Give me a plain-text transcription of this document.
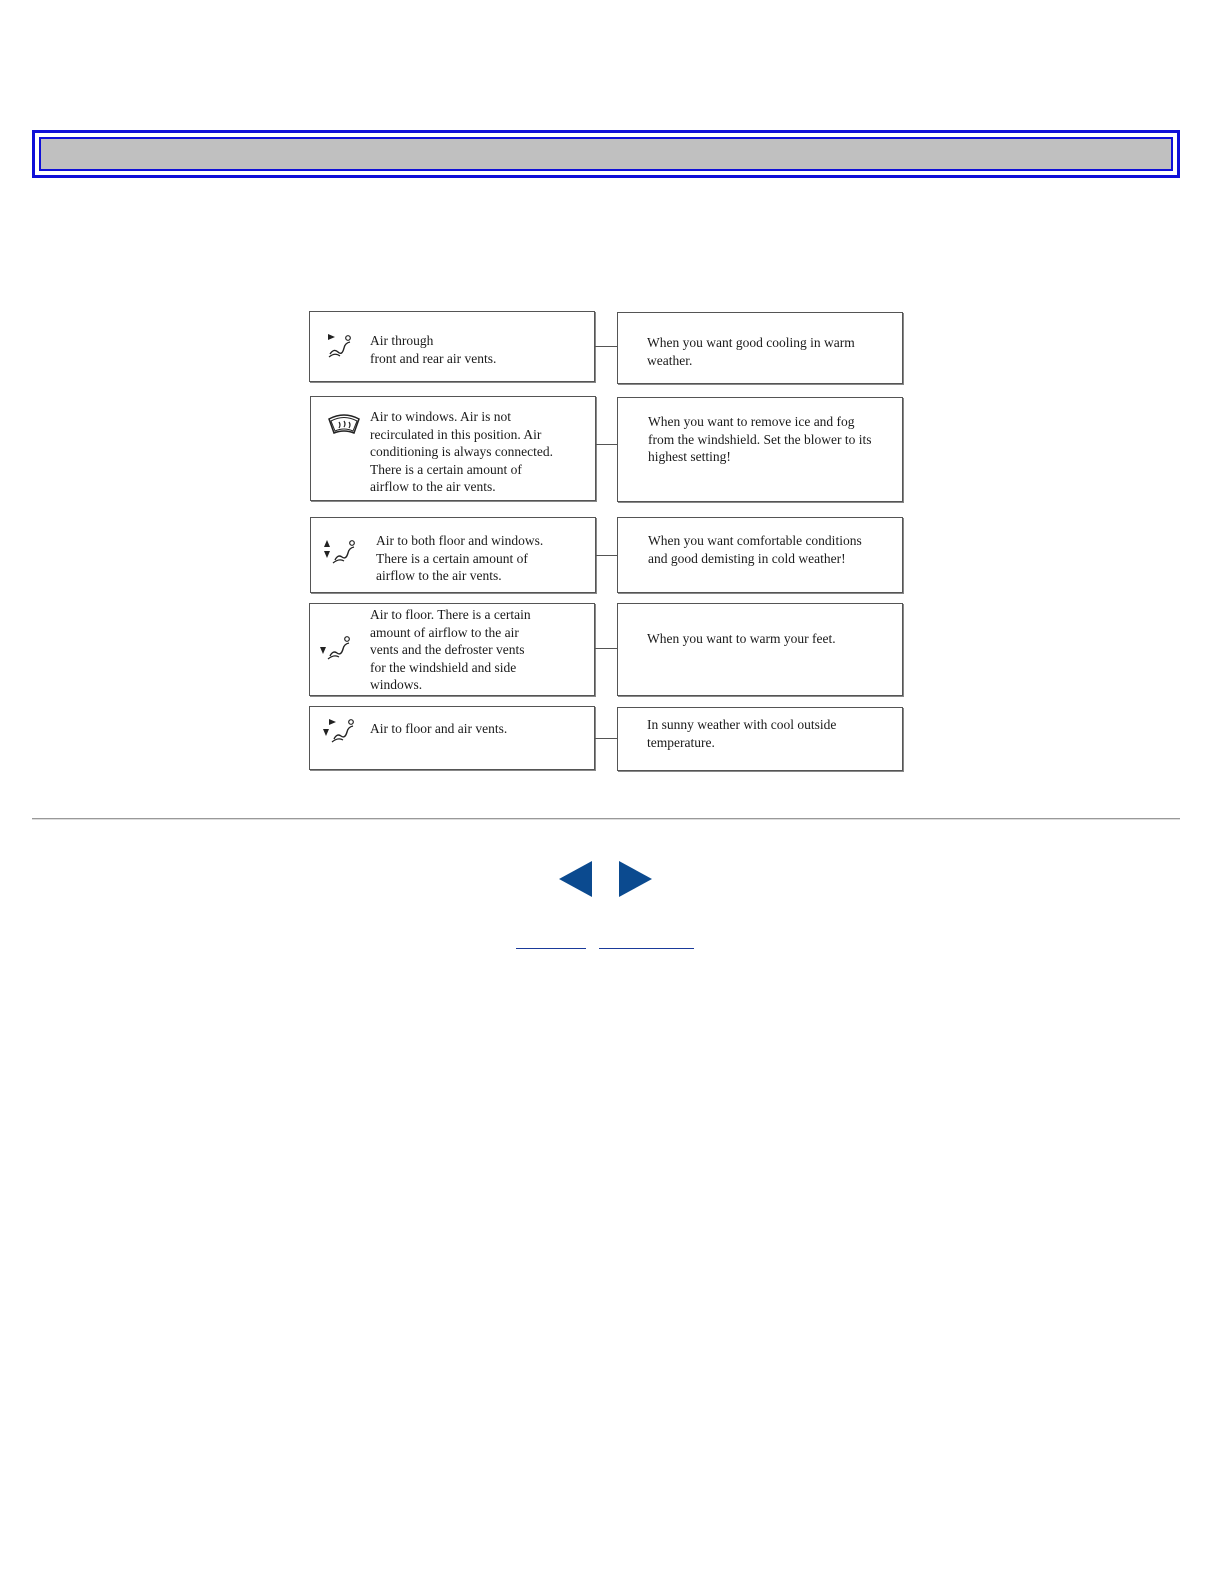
Air through
front and rear air vents.
When you want good cooling in warm
weather.
Air to windows. Air is not
recirculated in this position. Air
conditioning is always connected.
There is a certain amount of
airflow to the air vents.
When you want to remove ice and fog
from the windshield. Set the blower to its
highest setting!
Air to both floor and windows.
There is a certain amount of
airflow to the air vents.
When you want comfortable conditions
and good demisting in cold weather!
Air to floor. There is a certain
amount of airflow to the air
vents and the defroster vents
for the windshield and side
windows.
When you want to warm your feet.
Air to floor and air vents.	In sunny weather with cool outside
temperature.
